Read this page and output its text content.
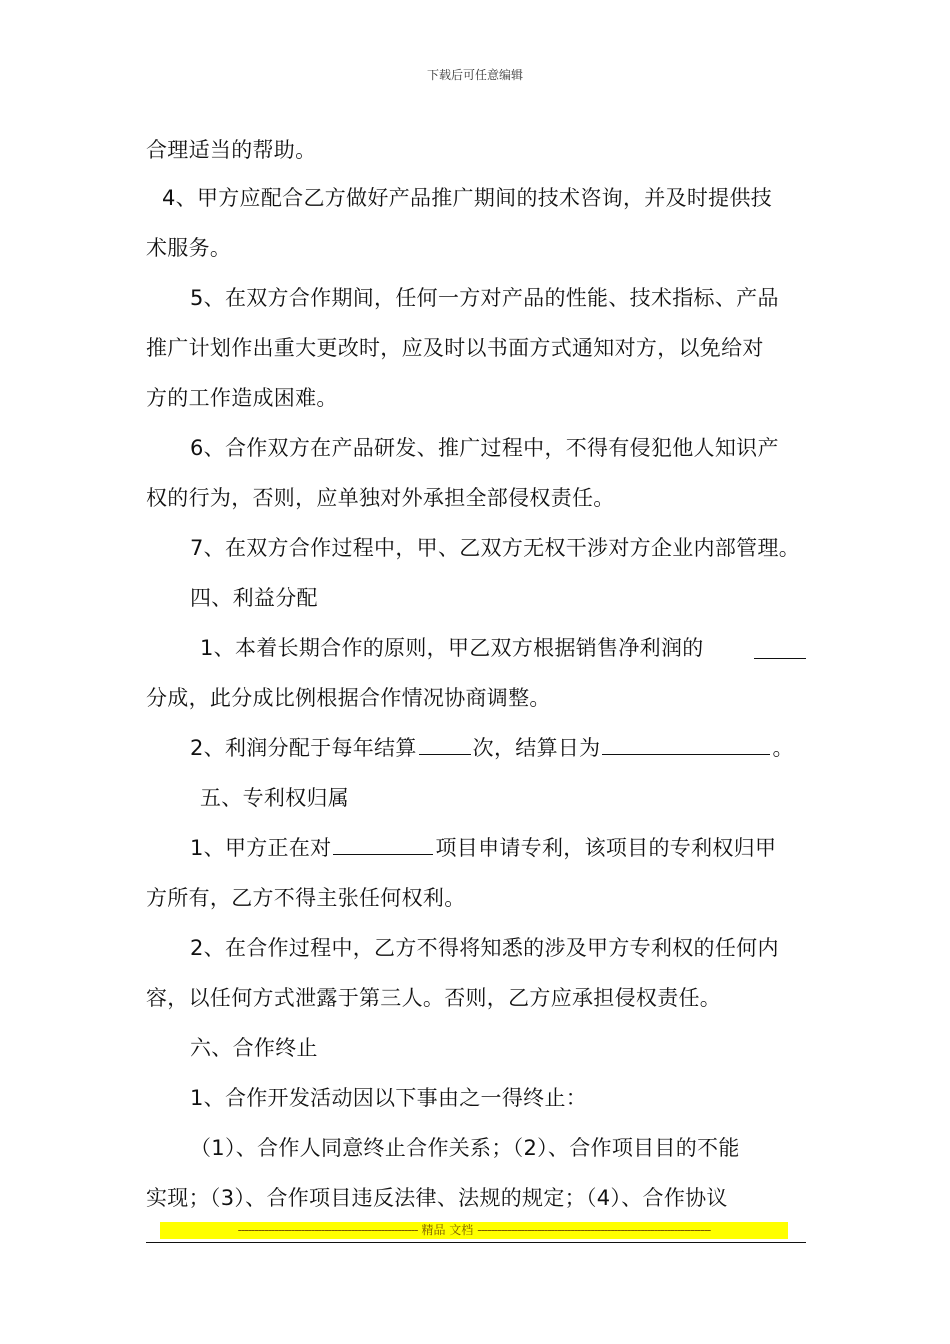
下载后可任意编辑
合理适当的帮助。
4、甲方应配合乙方做好产品推广期间的技术咨询，并及时提供技
术服务。
5、在双方合作期间，任何一方对产品的性能、技术指标、产品
推广计划作出重大更改时，应及时以书面方式通知对方，以免给对
方的工作造成困难。
6、合作双方在产品研发、推广过程中，不得有侵犯他人知识产
权的行为，否则，应单独对外承担全部侵权责任。
7、在双方合作过程中，甲、乙双方无权干涉对方企业内部管理。
四、利益分配
1、本着长期合作的原则，甲乙双方根据销售净利润的
分成，此分成比例根据合作情况协商调整。
2、利润分配于每年结算	次，结算日为	。
五、专利权归属
1、甲方正在对	项目申请专利，该项目的专利权归甲
方所有，乙方不得主张任何权利。
2、在合作过程中，乙方不得将知悉的涉及甲方专利权的任何内
容，以任何方式泄露于第三人。否则，乙方应承担侵权责任。
六、合作终止
1、合作开发活动因以下事由之一得终止：
（1）、合作人同意终止合作关系；（2）、合作项目目的不能
实现；（3）、合作项目违反法律、法规的规定；（4）、合作协议
------------------------------------------------------ 精品 文档 ----------------------------------------------------------------------
